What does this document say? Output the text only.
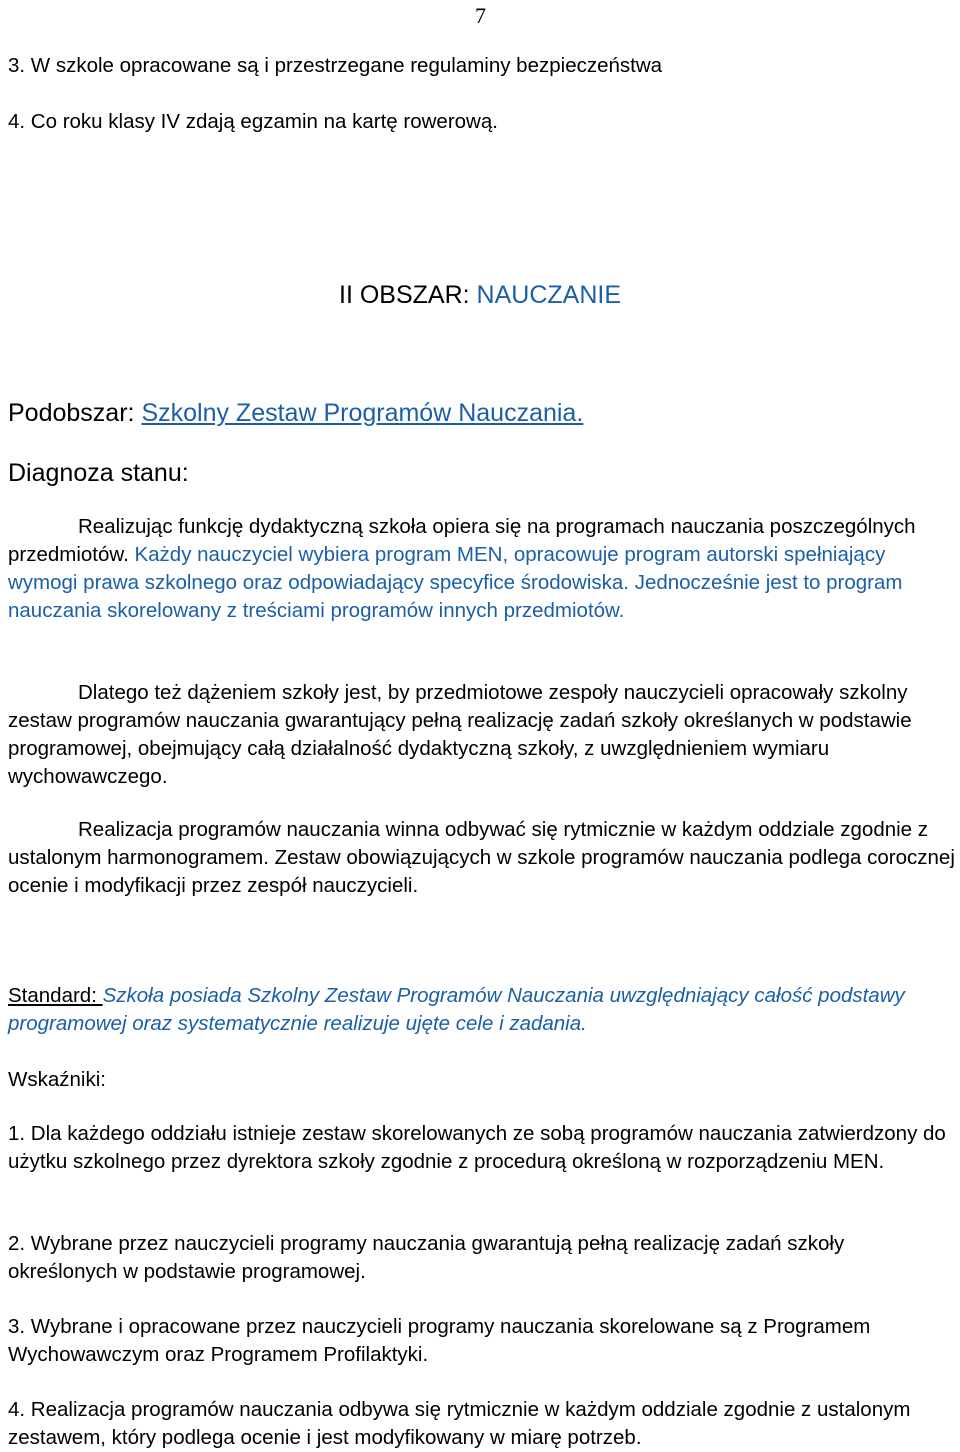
7
3. W szkole opracowane są i przestrzegane regulaminy bezpieczeństwa
4. Co roku klasy IV zdają egzamin na kartę rowerową.
II OBSZAR: NAUCZANIE
Podobszar: Szkolny Zestaw Programów Nauczania.
Diagnoza stanu:
Realizując funkcję dydaktyczną szkoła opiera się na programach nauczania poszczególnych przedmiotów. Każdy nauczyciel wybiera program MEN, opracowuje program autorski spełniający wymogi prawa szkolnego oraz odpowiadający specyfice środowiska. Jednocześnie jest to program nauczania skorelowany z treściami programów innych przedmiotów.
Dlatego też dążeniem szkoły jest, by przedmiotowe zespoły nauczycieli opracowały szkolny zestaw programów nauczania gwarantujący pełną realizację zadań szkoły określanych w podstawie programowej, obejmujący całą działalność dydaktyczną szkoły, z uwzględnieniem wymiaru wychowawczego.
Realizacja programów nauczania winna odbywać się rytmicznie w każdym oddziale zgodnie z ustalonym harmonogramem. Zestaw obowiązujących w szkole programów nauczania podlega corocznej ocenie i modyfikacji przez zespół nauczycieli.
Standard: Szkoła posiada Szkolny Zestaw Programów Nauczania uwzględniający całość podstawy programowej oraz systematycznie realizuje ujęte cele i zadania.
Wskaźniki:
1. Dla każdego oddziału istnieje zestaw skorelowanych ze sobą programów nauczania zatwierdzony do użytku szkolnego przez dyrektora szkoły zgodnie z procedurą określoną w rozporządzeniu MEN.
2. Wybrane przez nauczycieli programy nauczania gwarantują pełną realizację zadań szkoły określonych w podstawie programowej.
3. Wybrane i opracowane przez nauczycieli programy nauczania skorelowane są z Programem Wychowawczym oraz Programem Profilaktyki.
4. Realizacja programów nauczania odbywa się rytmicznie w każdym oddziale zgodnie z ustalonym zestawem, który podlega ocenie i jest modyfikowany w miarę potrzeb.
